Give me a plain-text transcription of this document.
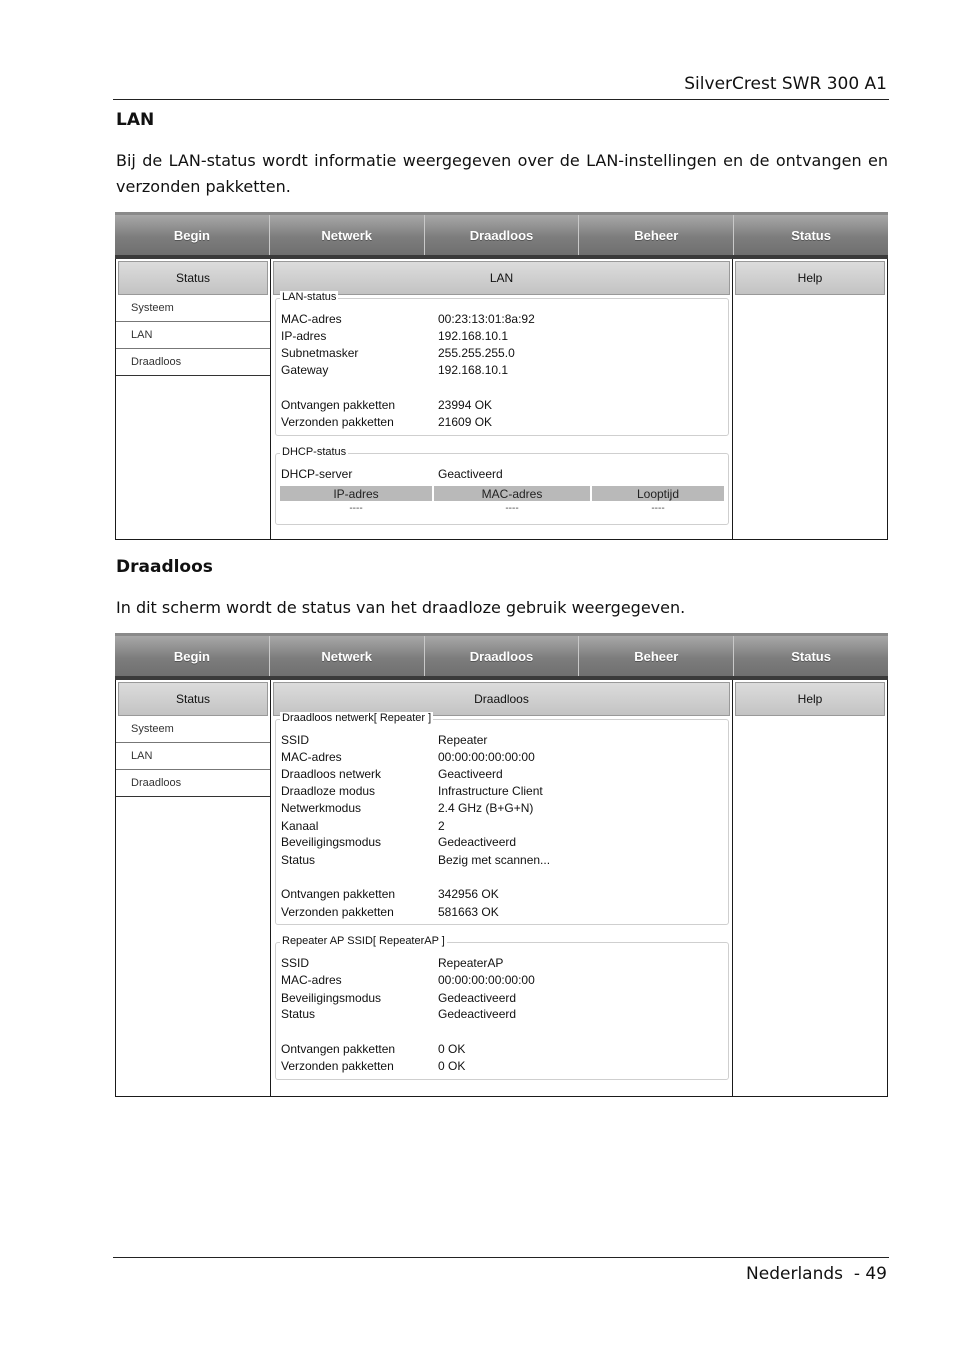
SilverCrest SWR 300 A1
LAN
Bij de LAN-status wordt informatie weergegeven over de LAN-instellingen en de ontvangen en verzonden pakketten.
Begin	Netwerk	Draadloos	Beheer	Status
Status
Systeem
LAN
Draadloos
LAN
LAN-status
MAC-adres	00:23:13:01:8a:92
IP-adres	192.168.10.1
Subnetmasker	255.255.255.0
Gateway	192.168.10.1
Ontvangen pakketten	23994 OK
Verzonden pakketten	21609 OK
DHCP-status
DHCP-server	Geactiveerd
IP-adres	MAC-adres	Looptijd
----	----	----
Help
Draadloos
In dit scherm wordt de status van het draadloze gebruik weergegeven.
Begin	Netwerk	Draadloos	Beheer	Status
Status
Systeem
LAN
Draadloos
Draadloos
Draadloos netwerk[ Repeater ]
SSID	Repeater
MAC-adres	00:00:00:00:00:00
Draadloos netwerk	Geactiveerd
Draadloze modus	Infrastructure Client
Netwerkmodus	2.4 GHz (B+G+N)
Kanaal	2
Beveiligingsmodus	Gedeactiveerd
Status	Bezig met scannen...
Ontvangen pakketten	342956 OK
Verzonden pakketten	581663 OK
Repeater AP SSID[ RepeaterAP ]
SSID	RepeaterAP
MAC-adres	00:00:00:00:00:00
Beveiligingsmodus	Gedeactiveerd
Status	Gedeactiveerd
Ontvangen pakketten	0 OK
Verzonden pakketten	0 OK
Help
Nederlands  - 49
